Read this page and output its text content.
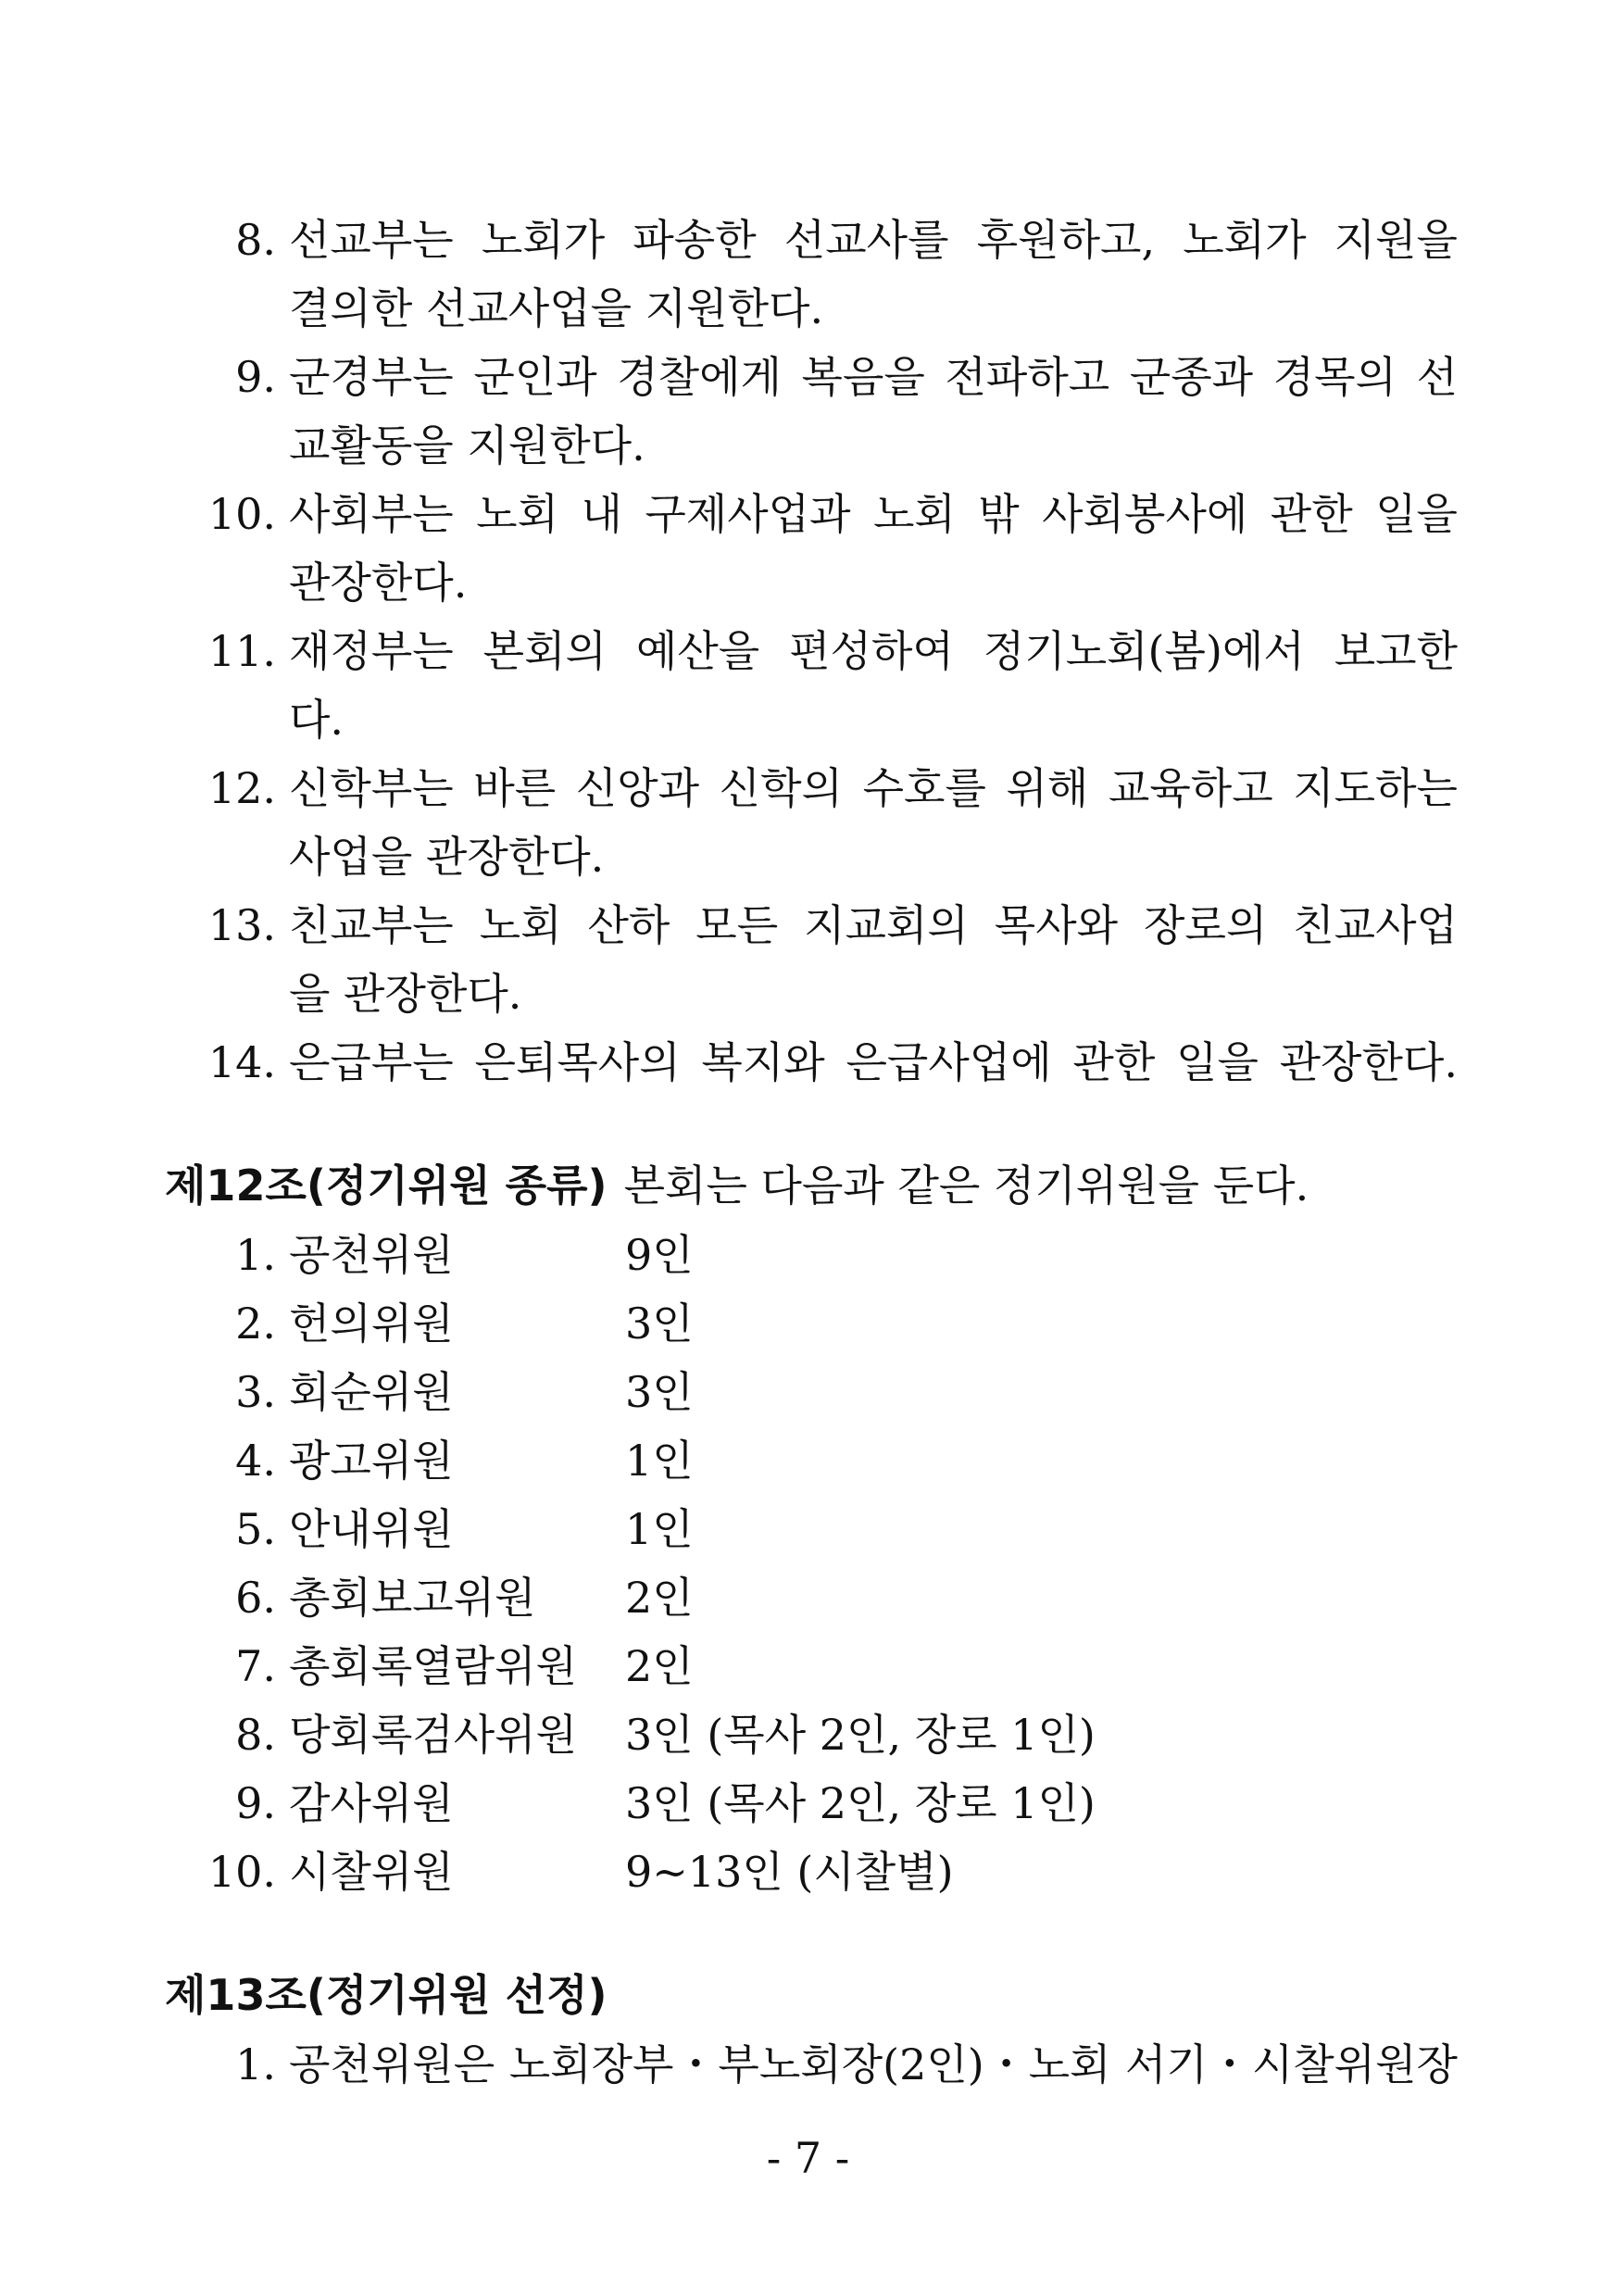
8. 선교부는 노회가 파송한 선교사를 후원하고, 노회가 지원을
결의한 선교사업을 지원한다.
9. 군경부는 군인과 경찰에게 복음을 전파하고 군종과 경목의 선
교활동을 지원한다.
10. 사회부는 노회 내 구제사업과 노회 밖 사회봉사에 관한 일을
관장한다.
11. 재정부는 본회의 예산을 편성하여 정기노회(봄)에서 보고한
다.
12. 신학부는 바른 신앙과 신학의 수호를 위해 교육하고 지도하는
사업을 관장한다.
13. 친교부는 노회 산하 모든 지교회의 목사와 장로의 친교사업
을 관장한다.
14. 은급부는 은퇴목사의 복지와 은급사업에 관한 일을 관장한다.
제12조(정기위원 종류) 본회는 다음과 같은 정기위원을 둔다.
1. 공천위원	9인
2. 헌의위원	3인
3. 회순위원	3인
4. 광고위원	1인
5. 안내위원	1인
6. 총회보고위원 2인
7. 총회록열람위원 2인
8. 당회록검사위원 3인 (목사 2인, 장로 1인)
9. 감사위원	3인 (목사 2인, 장로 1인)
10. 시찰위원	9~13인 (시찰별)
제13조(정기위원 선정)
1. 공천위원은 노회장부・부노회장(2인)・노회 서기・시찰위원장
- 7 -
